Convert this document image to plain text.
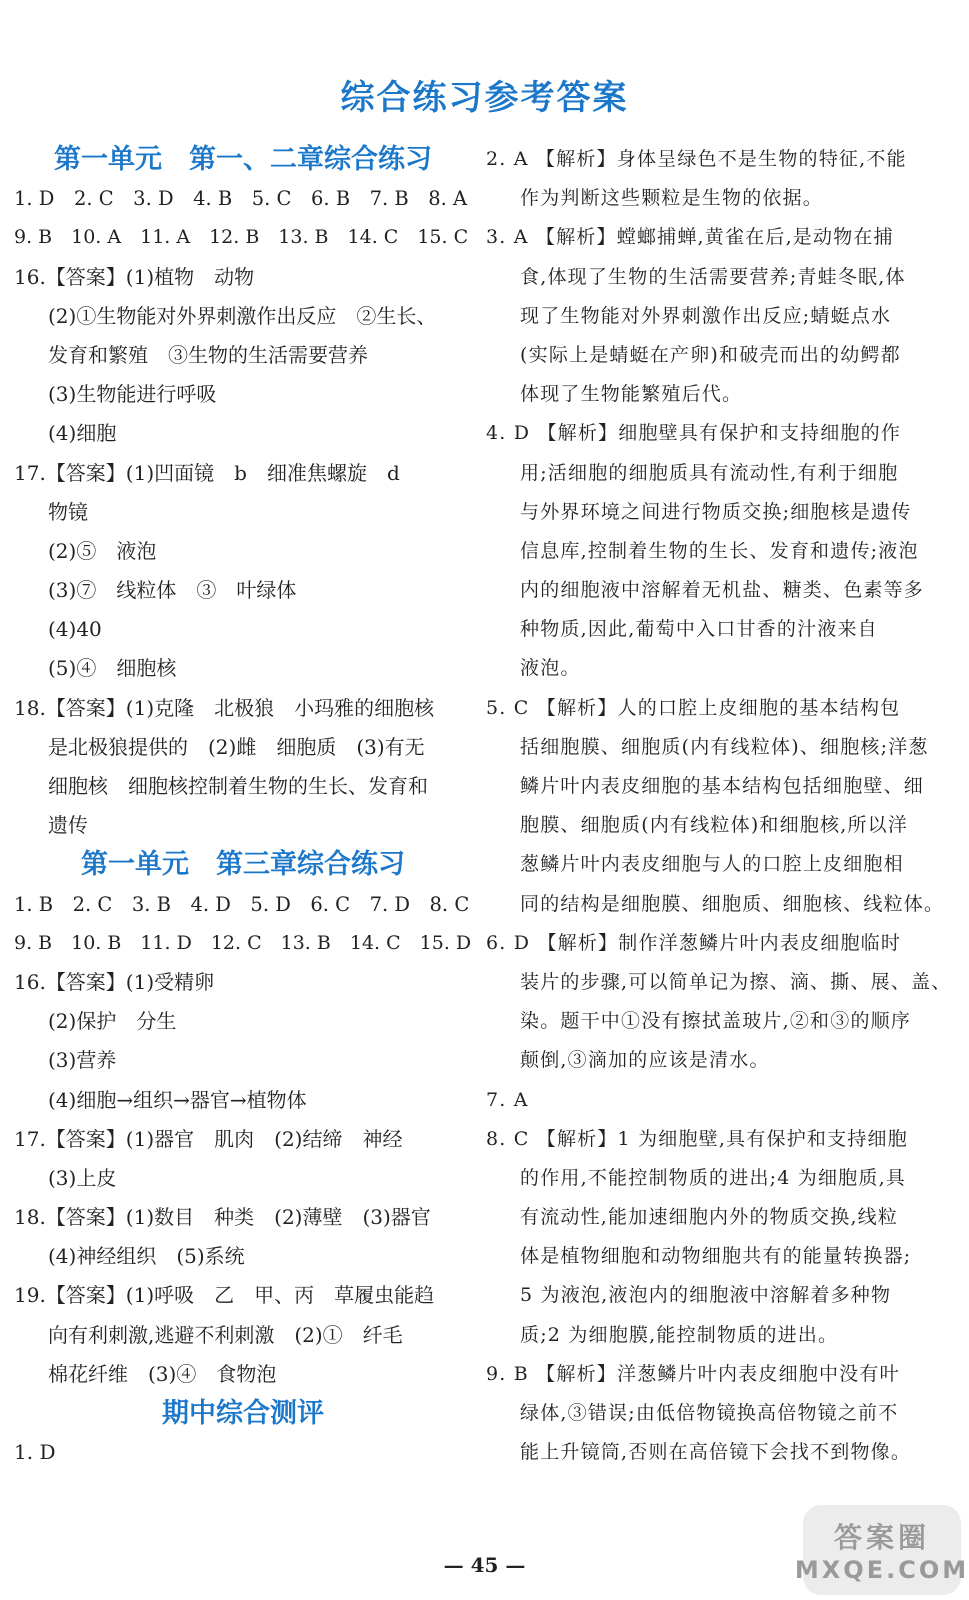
综合练习参考答案
第一单元　第一、二章综合练习
1. D　2. C　3. D　4. B　5. C　6. B　7. B　8. A
9. B　10. A　11. A　12. B　13. B　14. C　15. C
16.【答案】(1)植物　动物
(2)①生物能对外界刺激作出反应　②生长、
发育和繁殖　③生物的生活需要营养
(3)生物能进行呼吸
(4)细胞
17.【答案】(1)凹面镜　b　细准焦螺旋　d
物镜
(2)⑤　液泡
(3)⑦　线粒体　③　叶绿体
(4)40
(5)④　细胞核
18.【答案】(1)克隆　北极狼　小玛雅的细胞核
是北极狼提供的　(2)雌　细胞质　(3)有无
细胞核　细胞核控制着生物的生长、发育和
遗传
第一单元　第三章综合练习
1. B　2. C　3. B　4. D　5. D　6. C　7. D　8. C
9. B　10. B　11. D　12. C　13. B　14. C　15. D
16.【答案】(1)受精卵
(2)保护　分生
(3)营养
(4)细胞→组织→器官→植物体
17.【答案】(1)器官　肌肉　(2)结缔　神经
(3)上皮
18.【答案】(1)数目　种类　(2)薄壁　(3)器官
(4)神经组织　(5)系统
19.【答案】(1)呼吸　乙　甲、丙　草履虫能趋
向有利刺激,逃避不利刺激　(2)①　纤毛
棉花纤维　(3)④　食物泡
期中综合测评
1. D
2. A 【解析】身体呈绿色不是生物的特征,不能
作为判断这些颗粒是生物的依据。
3. A 【解析】螳螂捕蝉,黄雀在后,是动物在捕
食,体现了生物的生活需要营养;青蛙冬眠,体
现了生物能对外界刺激作出反应;蜻蜓点水
(实际上是蜻蜓在产卵)和破壳而出的幼鳄都
体现了生物能繁殖后代。
4. D 【解析】细胞壁具有保护和支持细胞的作
用;活细胞的细胞质具有流动性,有利于细胞
与外界环境之间进行物质交换;细胞核是遗传
信息库,控制着生物的生长、发育和遗传;液泡
内的细胞液中溶解着无机盐、糖类、色素等多
种物质,因此,葡萄中入口甘香的汁液来自
液泡。
5. C 【解析】人的口腔上皮细胞的基本结构包
括细胞膜、细胞质(内有线粒体)、细胞核;洋葱
鳞片叶内表皮细胞的基本结构包括细胞壁、细
胞膜、细胞质(内有线粒体)和细胞核,所以洋
葱鳞片叶内表皮细胞与人的口腔上皮细胞相
同的结构是细胞膜、细胞质、细胞核、线粒体。
6. D 【解析】制作洋葱鳞片叶内表皮细胞临时
装片的步骤,可以简单记为擦、滴、撕、展、盖、
染。题干中①没有擦拭盖玻片,②和③的顺序
颠倒,③滴加的应该是清水。
7. A
8. C 【解析】1 为细胞壁,具有保护和支持细胞
的作用,不能控制物质的进出;4 为细胞质,具
有流动性,能加速细胞内外的物质交换,线粒
体是植物细胞和动物细胞共有的能量转换器;
5 为液泡,液泡内的细胞液中溶解着多种物
质;2 为细胞膜,能控制物质的进出。
9. B 【解析】洋葱鳞片叶内表皮细胞中没有叶
绿体,③错误;由低倍物镜换高倍物镜之前不
能上升镜筒,否则在高倍镜下会找不到物像。
— 45 —
答案圈
MXQE.COM
